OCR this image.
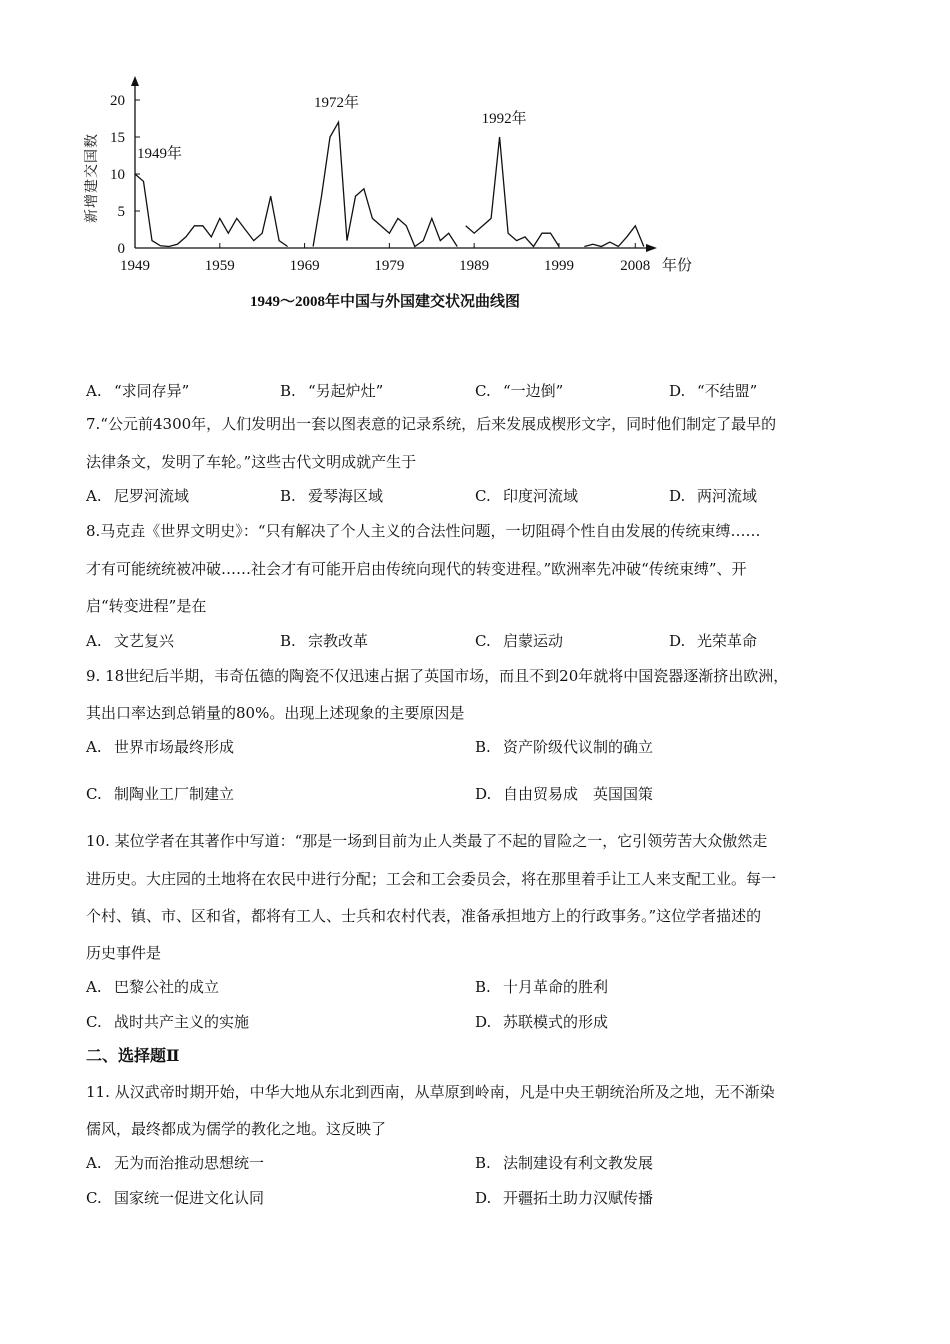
0
5
10
15
20
1949	1959	1969	1979	1989	1999	2008
1949年
1972年
1992年
新增建交国数
年份
1949～2008年中国与外国建交状况曲线图
A. “求同存异”	B. “另起炉灶”	C. “一边倒”	D. “不结盟”
7.“公元前4300年，人们发明出一套以图表意的记录系统，后来发展成楔形文字，同时他们制定了最早的
法律条文，发明了车轮。”这些古代文明成就产生于
A. 尼罗河流域	B. 爱琴海区域	C. 印度河流域	D. 两河流域
8.马克垚《世界文明史》：“只有解决了个人主义的合法性问题，一切阻碍个性自由发展的传统束缚……
才有可能统统被冲破……社会才有可能开启由传统向现代的转变进程。”欧洲率先冲破“传统束缚”、开
启“转变进程”是在
A. 文艺复兴	B. 宗教改革	C. 启蒙运动	D. 光荣革命
9. 18世纪后半期，韦奇伍德的陶瓷不仅迅速占据了英国市场，而且不到20年就将中国瓷器逐渐挤出欧洲，
其出口率达到总销量的80%。出现上述现象的主要原因是
A. 世界市场最终形成	B. 资产阶级代议制的确立
C. 制陶业工厂制建立	D. 自由贸易成　英国国策
10. 某位学者在其著作中写道：“那是一场到目前为止人类最了不起的冒险之一，它引领劳苦大众傲然走
进历史。大庄园的土地将在农民中进行分配；工会和工会委员会，将在那里着手让工人来支配工业。每一
个村、镇、市、区和省，都将有工人、士兵和农村代表，准备承担地方上的行政事务。”这位学者描述的
历史事件是
A. 巴黎公社的成立	B. 十月革命的胜利
C. 战时共产主义的实施	D. 苏联模式的形成
二、选择题Ⅱ
11. 从汉武帝时期开始，中华大地从东北到西南，从草原到岭南，凡是中央王朝统治所及之地，无不渐染
儒风，最终都成为儒学的教化之地。这反映了
A. 无为而治推动思想统一	B. 法制建设有利文教发展
C. 国家统一促进文化认同	D. 开疆拓土助力汉赋传播
